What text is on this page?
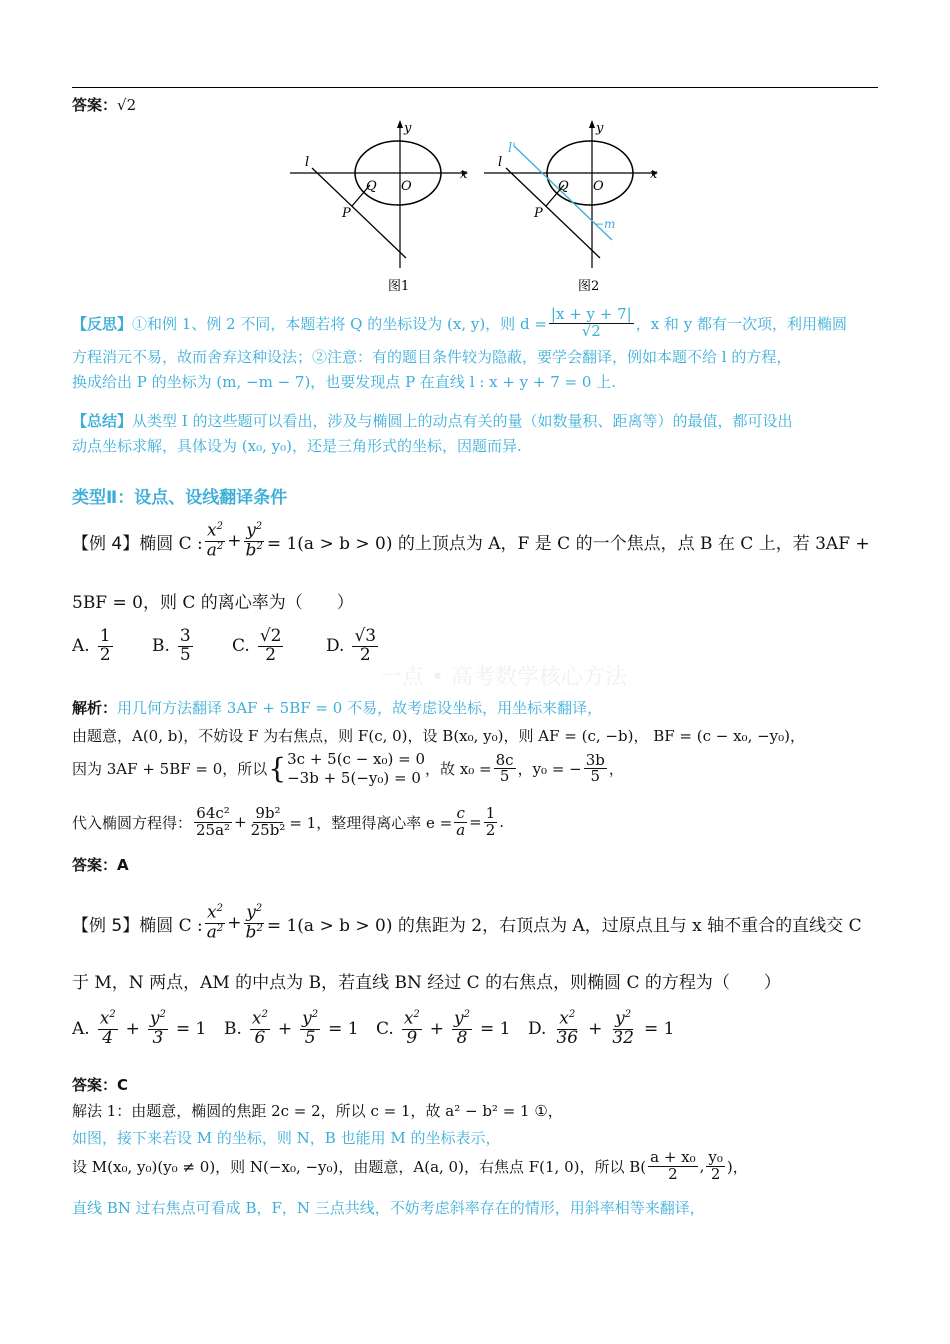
答案：√2
y
x
l
Q O
P
图1
y
x
l
l'
Q O
P
−m
图2
【反思】 ①和例 1、例 2 不同，本题若将 Q 的坐标设为 (x, y)，则 $d = \frac{|x + y + 7|}{√2}$ ，x 和 y 都有一次项，利用椭圆
方程消元不易，故而舍弃这种设法；②注意：有的题目条件较为隐蔽，要学会翻译，例如本题不给 l 的方程，
换成给出 P 的坐标为 (m, −m − 7)，也要发现点 P 在直线 l : x + y + 7 = 0 上.
【总结】从类型 I 的这些题可以看出，涉及与椭圆上的动点有关的量（如数量积、距离等）的最值，都可设出
动点坐标求解，具体设为 (x₀, y₀)，还是三角形式的坐标，因题而异.
类型Ⅱ：设点、设线翻译条件
【例 4】 椭圆 C : $\frac{x^2}{a^2} + \frac{y^2}{b^2} = 1(a > b > 0)$ 的上顶点为 A，F 是 C 的一个焦点，点 B 在 C 上，若 3AF +
5BF = 0，则 C 的离心率为（　　）
A. $\frac{1}{2} B$. $\frac{3}{5} C$. $\frac{√2}{2}$	D. $\frac{√3}{2}$
一点 • 高考数学核心方法
解析：用几何方法翻译 3AF + 5BF = 0 不易，故考虑设坐标，用坐标来翻译，
由题意，A(0, b)，不妨设 F 为右焦点，则 F(c, 0)，设 B(x₀, y₀)，则 AF = (c, −b)， BF = (c − x₀, −y₀)，
因为 3AF + 5BF = 0，所以 { 3c + 5(c − x₀) = 0
−3b + 5(−y₀) = 0 ，故 $x_0 = \frac{8c}{5}$ ，y₀ = − $\frac{3b}{5}$ ，
代入椭圆方程得： $\frac{\text{64c²}}{\text{25a²}} + \frac{\text{9b²}}{\text{25b²}} = 1$，整理得离心率 $e = \frac{c}{a} = \frac{1}{2}$ .
答案：A
【例 5】 椭圆 C : $\frac{x^2}{a^2} + \frac{y^2}{b^2} = 1(a > b > 0)$ 的焦距为 2，右顶点为 A，过原点且与 x 轴不重合的直线交 C
于 M，N 两点，AM 的中点为 B，若直线 BN 经过 C 的右焦点，则椭圆 C 的方程为（　　）
A. $\frac{x^2}{4} + \frac{y^2}{3} = 1$ B. $\frac{x^2}{6} + \frac{y^2}{5} = 1$ C. $\frac{x^2}{9} + \frac{y^2}{8} = 1$ D. $\frac{x^2}{36} + \frac{y^2}{32} = 1$
答案：C
解法 1：由题意，椭圆的焦距 2c = 2，所以 c = 1，故 a² − b² = 1 ①，
如图，接下来若设 M 的坐标，则 N，B 也能用 M 的坐标表示，
设 M(x₀, y₀)(y₀ ≠ 0)，则 N(−x₀, −y₀)，由题意，A(a, 0)，右焦点 F(1, 0)，所以 $B( \frac{\text{a + x₀}}{2}$ , $\frac{\text{y₀}}{2}$ )，
直线 BN 过右焦点可看成 B，F，N 三点共线，不妨考虑斜率存在的情形，用斜率相等来翻译，
